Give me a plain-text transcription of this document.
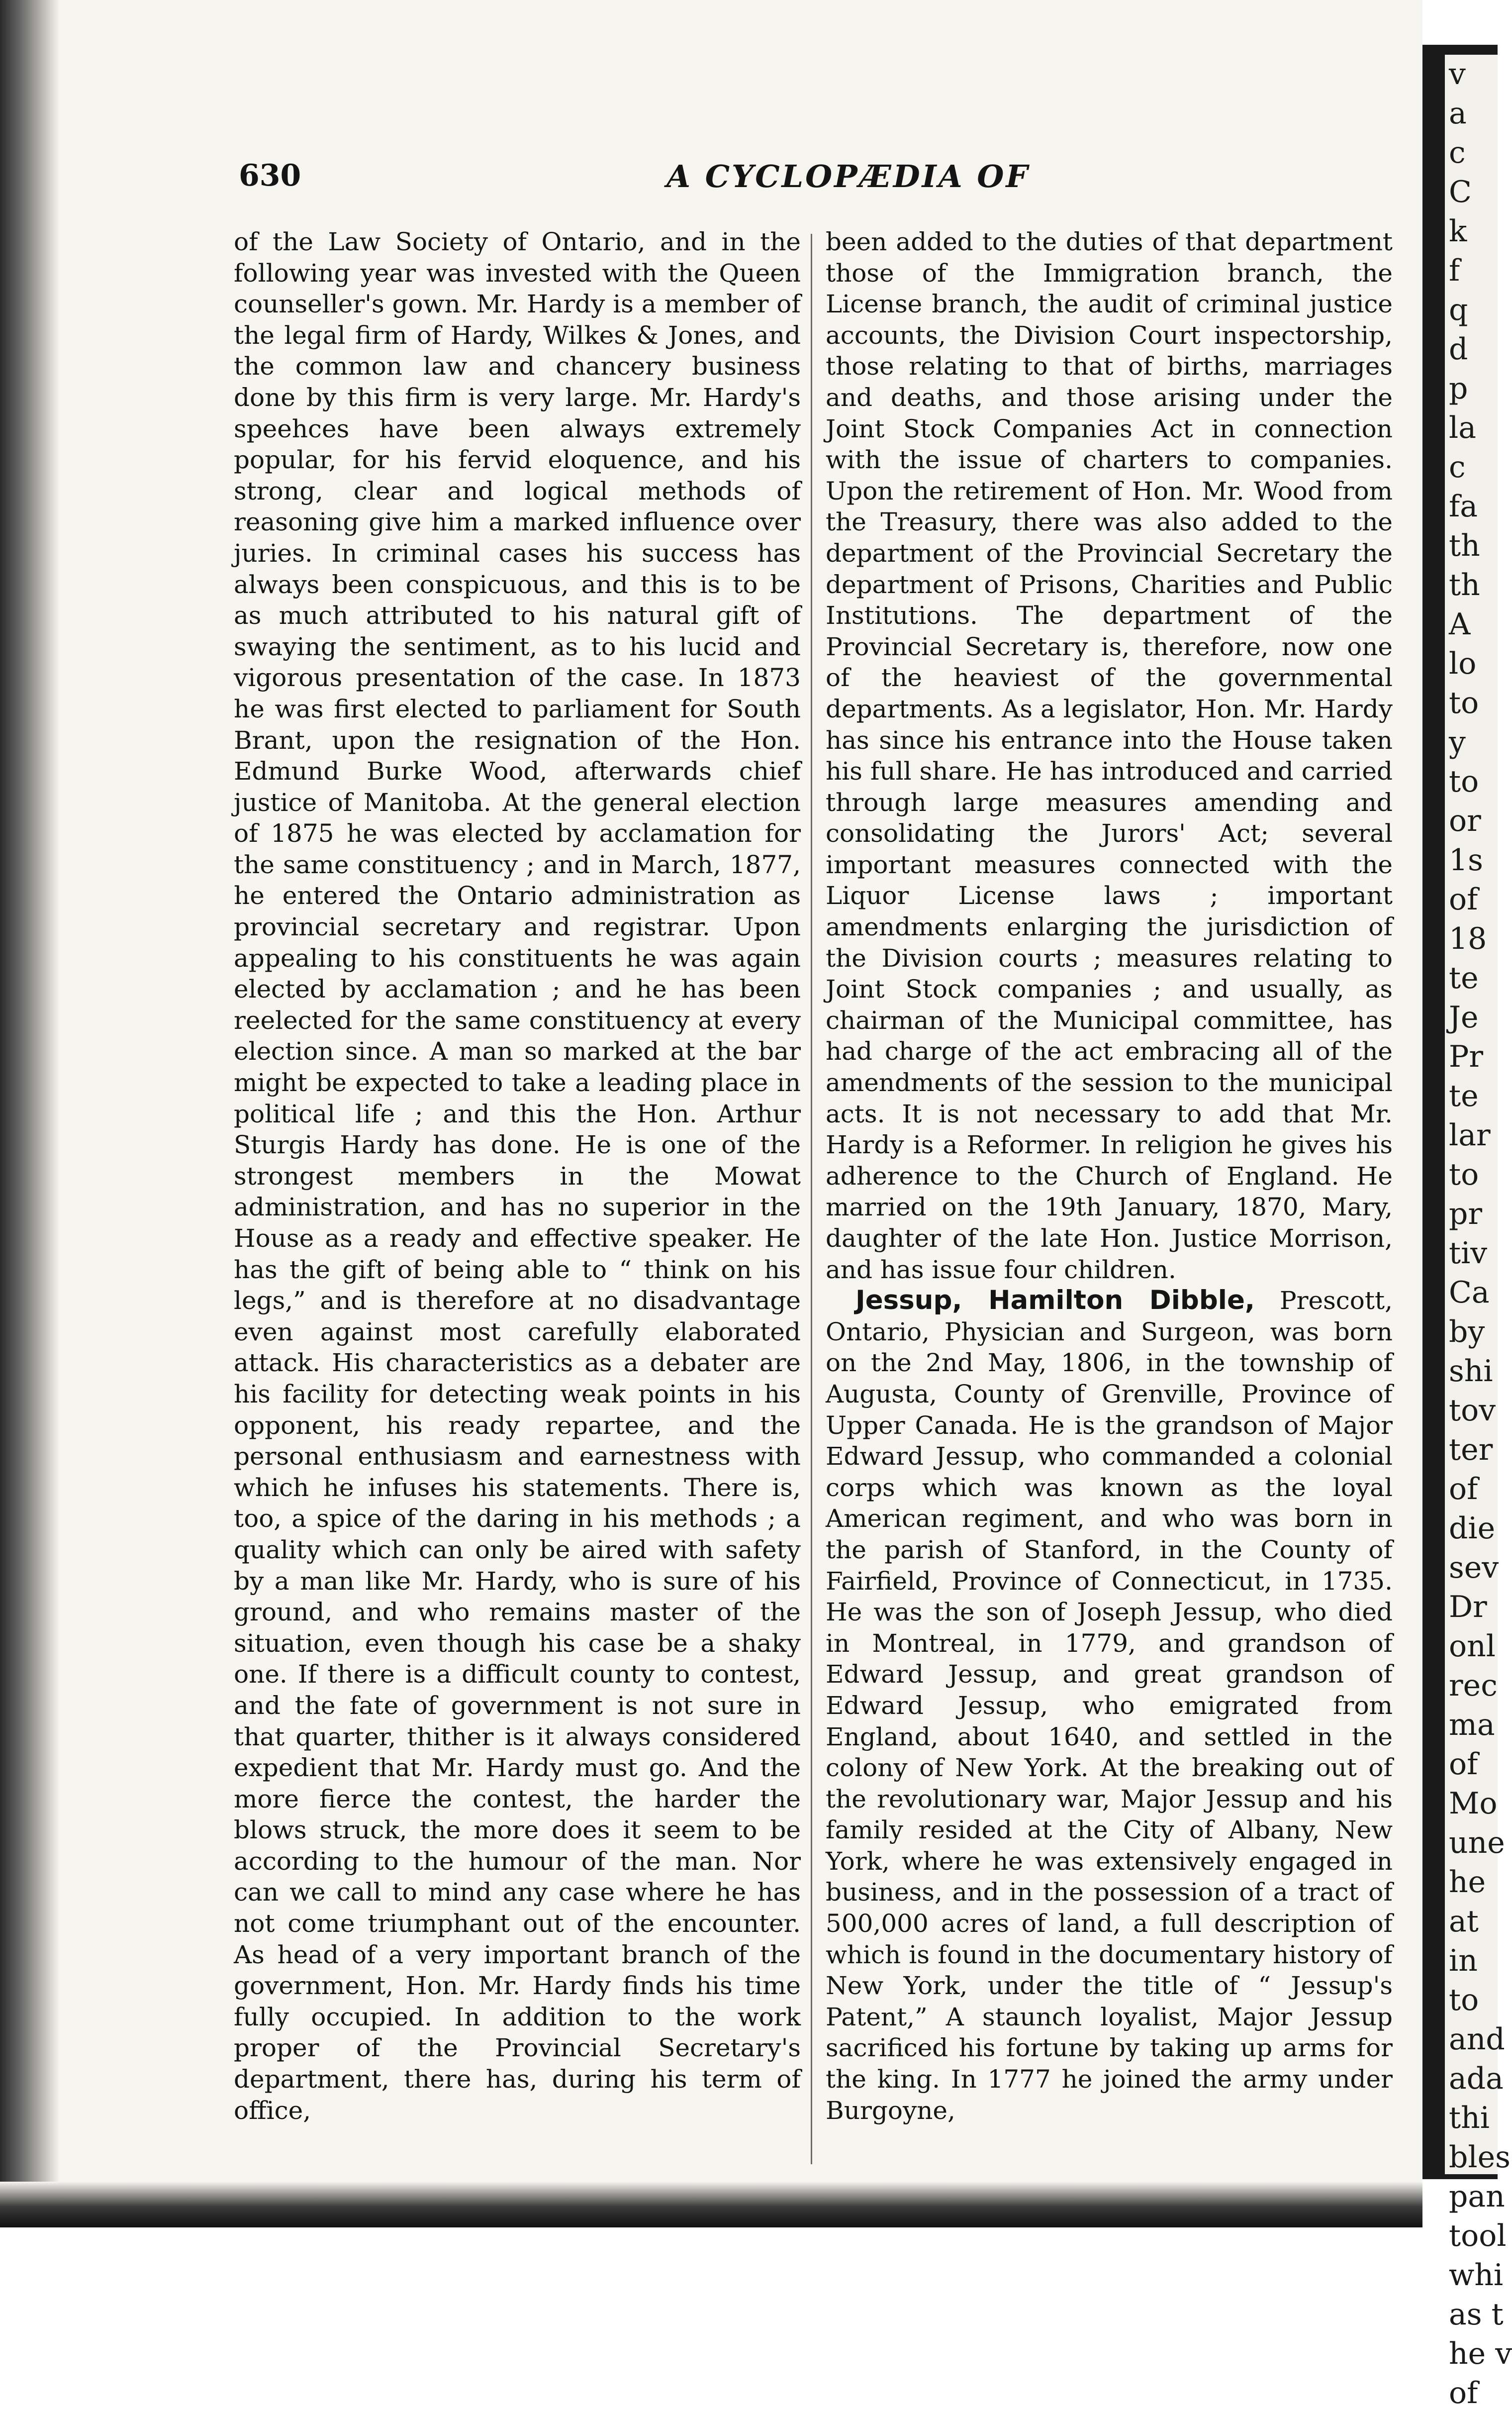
v
a
c
C
k
f
q
d
p
la
c
fa
th
th
A
lo
to
y
to
or
1s
of
18
te
Je
Pr
te
lar
to
pr
tiv
Ca
by
shi
tov
ter
of
die
sev
Dr
onl
rec
ma
of
Mo
une
he
at
in
to
and
ada
thi
bles
pan
tool
whi
as t
he v
of
630	A CYCLOPÆDIA OF

of the Law Society of Ontario, and in the following year was invested with the Queen counseller's gown. Mr. Hardy is a member of the legal firm of Hardy, Wilkes & Jones, and the common law and chancery business done by this firm is very large. Mr. Hardy's speehces have been always extremely popular, for his fervid eloquence, and his strong, clear and logical methods of reasoning give him a marked influence over juries. In criminal cases his success has always been conspicuous, and this is to be as much attributed to his natural gift of swaying the sentiment, as to his lucid and vigorous presentation of the case. In 1873 he was first elected to parliament for South Brant, upon the resignation of the Hon. Edmund Burke Wood, afterwards chief justice of Manitoba. At the general election of 1875 he was elected by acclamation for the same constituency ; and in March, 1877, he entered the Ontario administration as provincial secretary and registrar. Upon appealing to his constituents he was again elected by acclamation ; and he has been reelected for the same constituency at every election since. A man so marked at the bar might be expected to take a leading place in political life ; and this the Hon. Arthur Sturgis Hardy has done. He is one of the strongest members in the Mowat administration, and has no superior in the House as a ready and effective speaker. He has the gift of being able to “ think on his legs,” and is therefore at no disadvantage even against most carefully elaborated attack. His characteristics as a debater are his facility for detecting weak points in his opponent, his ready repartee, and the personal enthusiasm and earnestness with which he infuses his statements. There is, too, a spice of the daring in his methods ; a quality which can only be aired with safety by a man like Mr. Hardy, who is sure of his ground, and who remains master of the situation, even though his case be a shaky one. If there is a difficult county to contest, and the fate of government is not sure in that quarter, thither is it always considered expedient that Mr. Hardy must go. And the more fierce the contest, the harder the blows struck, the more does it seem to be according to the humour of the man. Nor can we call to mind any case where he has not come triumphant out of the encounter. As head of a very important branch of the government, Hon. Mr. Hardy finds his time fully occupied. In addition to the work proper of the Provincial Secretary's department, there has, during his term of office,

been added to the duties of that department those of the Immigration branch, the License branch, the audit of criminal justice accounts, the Division Court inspectorship, those relating to that of births, marriages and deaths, and those arising under the Joint Stock Companies Act in connection with the issue of charters to companies. Upon the retirement of Hon. Mr. Wood from the Treasury, there was also added to the department of the Provincial Secretary the department of Prisons, Charities and Public Institutions. The department of the Provincial Secretary is, therefore, now one of the heaviest of the governmental departments. As a legislator, Hon. Mr. Hardy has since his entrance into the House taken his full share. He has introduced and carried through large measures amending and consolidating the Jurors' Act; several important measures connected with the Liquor License laws ; important amendments enlarging the jurisdiction of the Division courts ; measures relating to Joint Stock companies ; and usually, as chairman of the Municipal committee, has had charge of the act embracing all of the amendments of the session to the municipal acts. It is not necessary to add that Mr. Hardy is a Reformer. In religion he gives his adherence to the Church of England. He married on the 19th January, 1870, Mary, daughter of the late Hon. Justice Morrison, and has issue four children.

Jessup, Hamilton Dibble, Prescott, Ontario, Physician and Surgeon, was born on the 2nd May, 1806, in the township of Augusta, County of Grenville, Province of Upper Canada. He is the grandson of Major Edward Jessup, who commanded a colonial corps which was known as the loyal American regiment, and who was born in the parish of Stanford, in the County of Fairfield, Province of Connecticut, in 1735. He was the son of Joseph Jessup, who died in Montreal, in 1779, and grandson of Edward Jessup, and great grandson of Edward Jessup, who emigrated from England, about 1640, and settled in the colony of New York. At the breaking out of the revolutionary war, Major Jessup and his family resided at the City of Albany, New York, where he was extensively engaged in business, and in the possession of a tract of 500,000 acres of land, a full description of which is found in the documentary history of New York, under the title of “ Jessup's Patent,” A staunch loyalist, Major Jessup sacrificed his fortune by taking up arms for the king. In 1777 he joined the army under Burgoyne,
